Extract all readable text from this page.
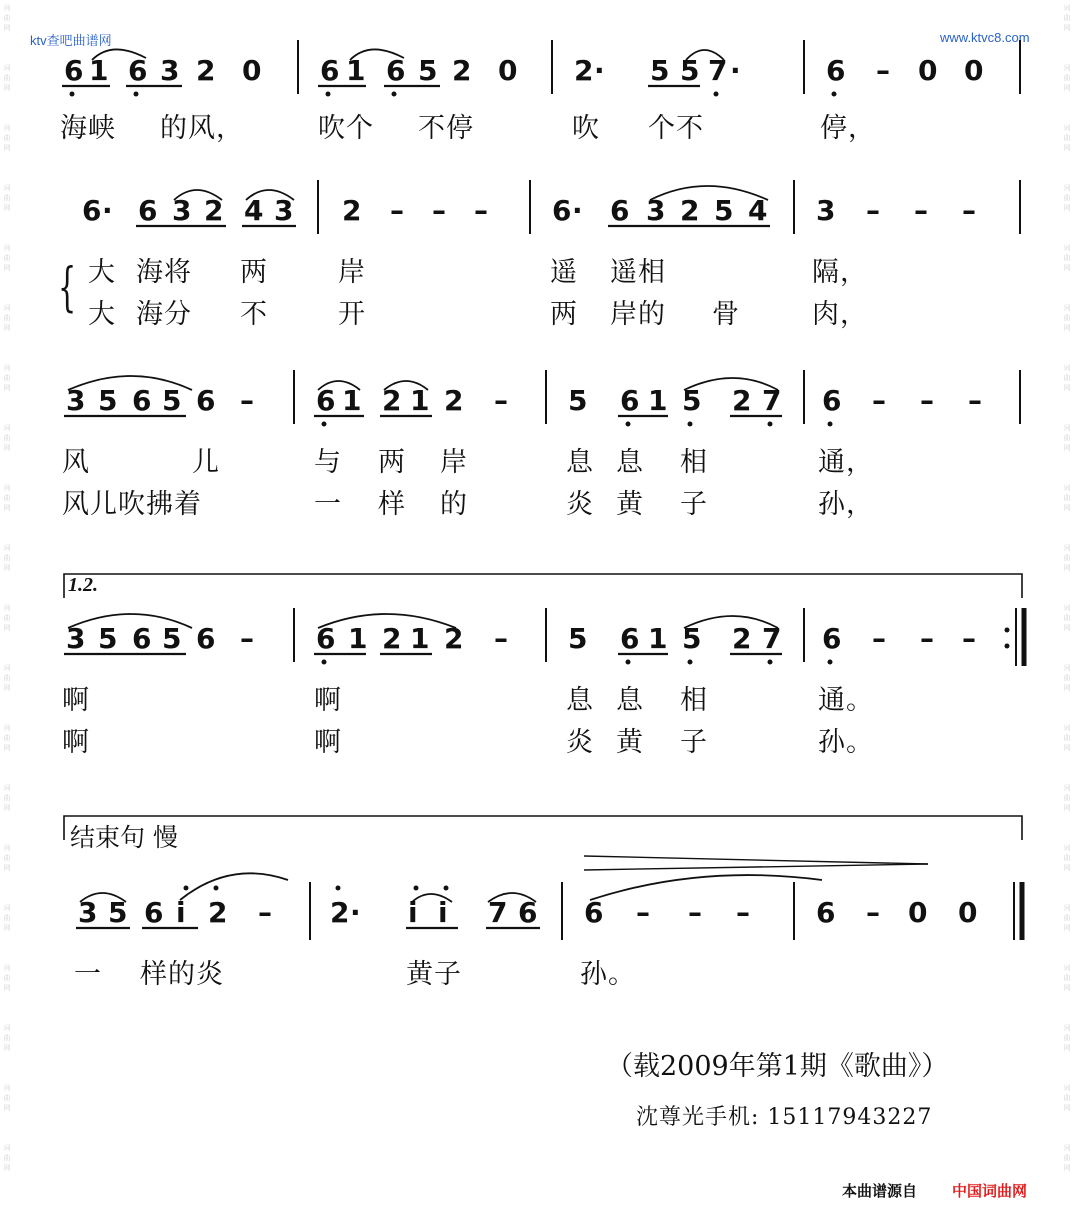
词
曲
网
词
曲
网
词
曲
网
词
曲
网
词
曲
网
词
曲
网
词
曲
网
词
曲
网
词
曲
网
词
曲
网
词
曲
网
词
曲
网
词
曲
网
词
曲
网
词
曲
网
词
曲
网
词
曲
网
词
曲
网
词
曲
网
词
曲
网
词
曲
网
词
曲
网
词
曲
网
词
曲
网
词
曲
网
词
曲
网
词
曲
网
词
曲
网
词
曲
网
词
曲
网
词
曲
网
词
曲
网
词
曲
网
词
曲
网
词
曲
网
词
曲
网
词
曲
网
词
曲
网
词
曲
网
词
曲
网
ktv查吧曲谱网	www.ktvc8.com
6 1 6 3 2 0 6 1 6 5 2 0 2 · 5 5 7 ·	6 – 0 0
6 · 6 3 2 4 3 2 – – – 6 · 6 3 2 5 4 3 – – –
3 5 6 5 6 – 6 1 2 1 2 – 5 6 1 5 2 7 6 – – –
3 5 6 5 6 – 6 1 2 1 2 – 5 6 1 5 2 7 6 – – –
3 5 6 i 2 – 2 · i i 7 6 6 – – – 6 – 0 0
海峡 的风，	吹个 不停	吹 个不	停，
{ 大 海将 两	岸	遥 遥相	隔，
大 海分 不	开	两 岸的 骨	肉，
风	儿	与 两 岸	息 息 相	通，
风儿吹拂着	一 样 的	炎 黄 子	孙，
1.2.
啊	啊	息 息 相	通。
啊	啊	炎 黄 子	孙。
结束句 慢
一 样的炎	黄子	孙。
（载2009年第1期《歌曲》）
沈尊光手机: 15117943227
本曲谱源自 中国词曲网
